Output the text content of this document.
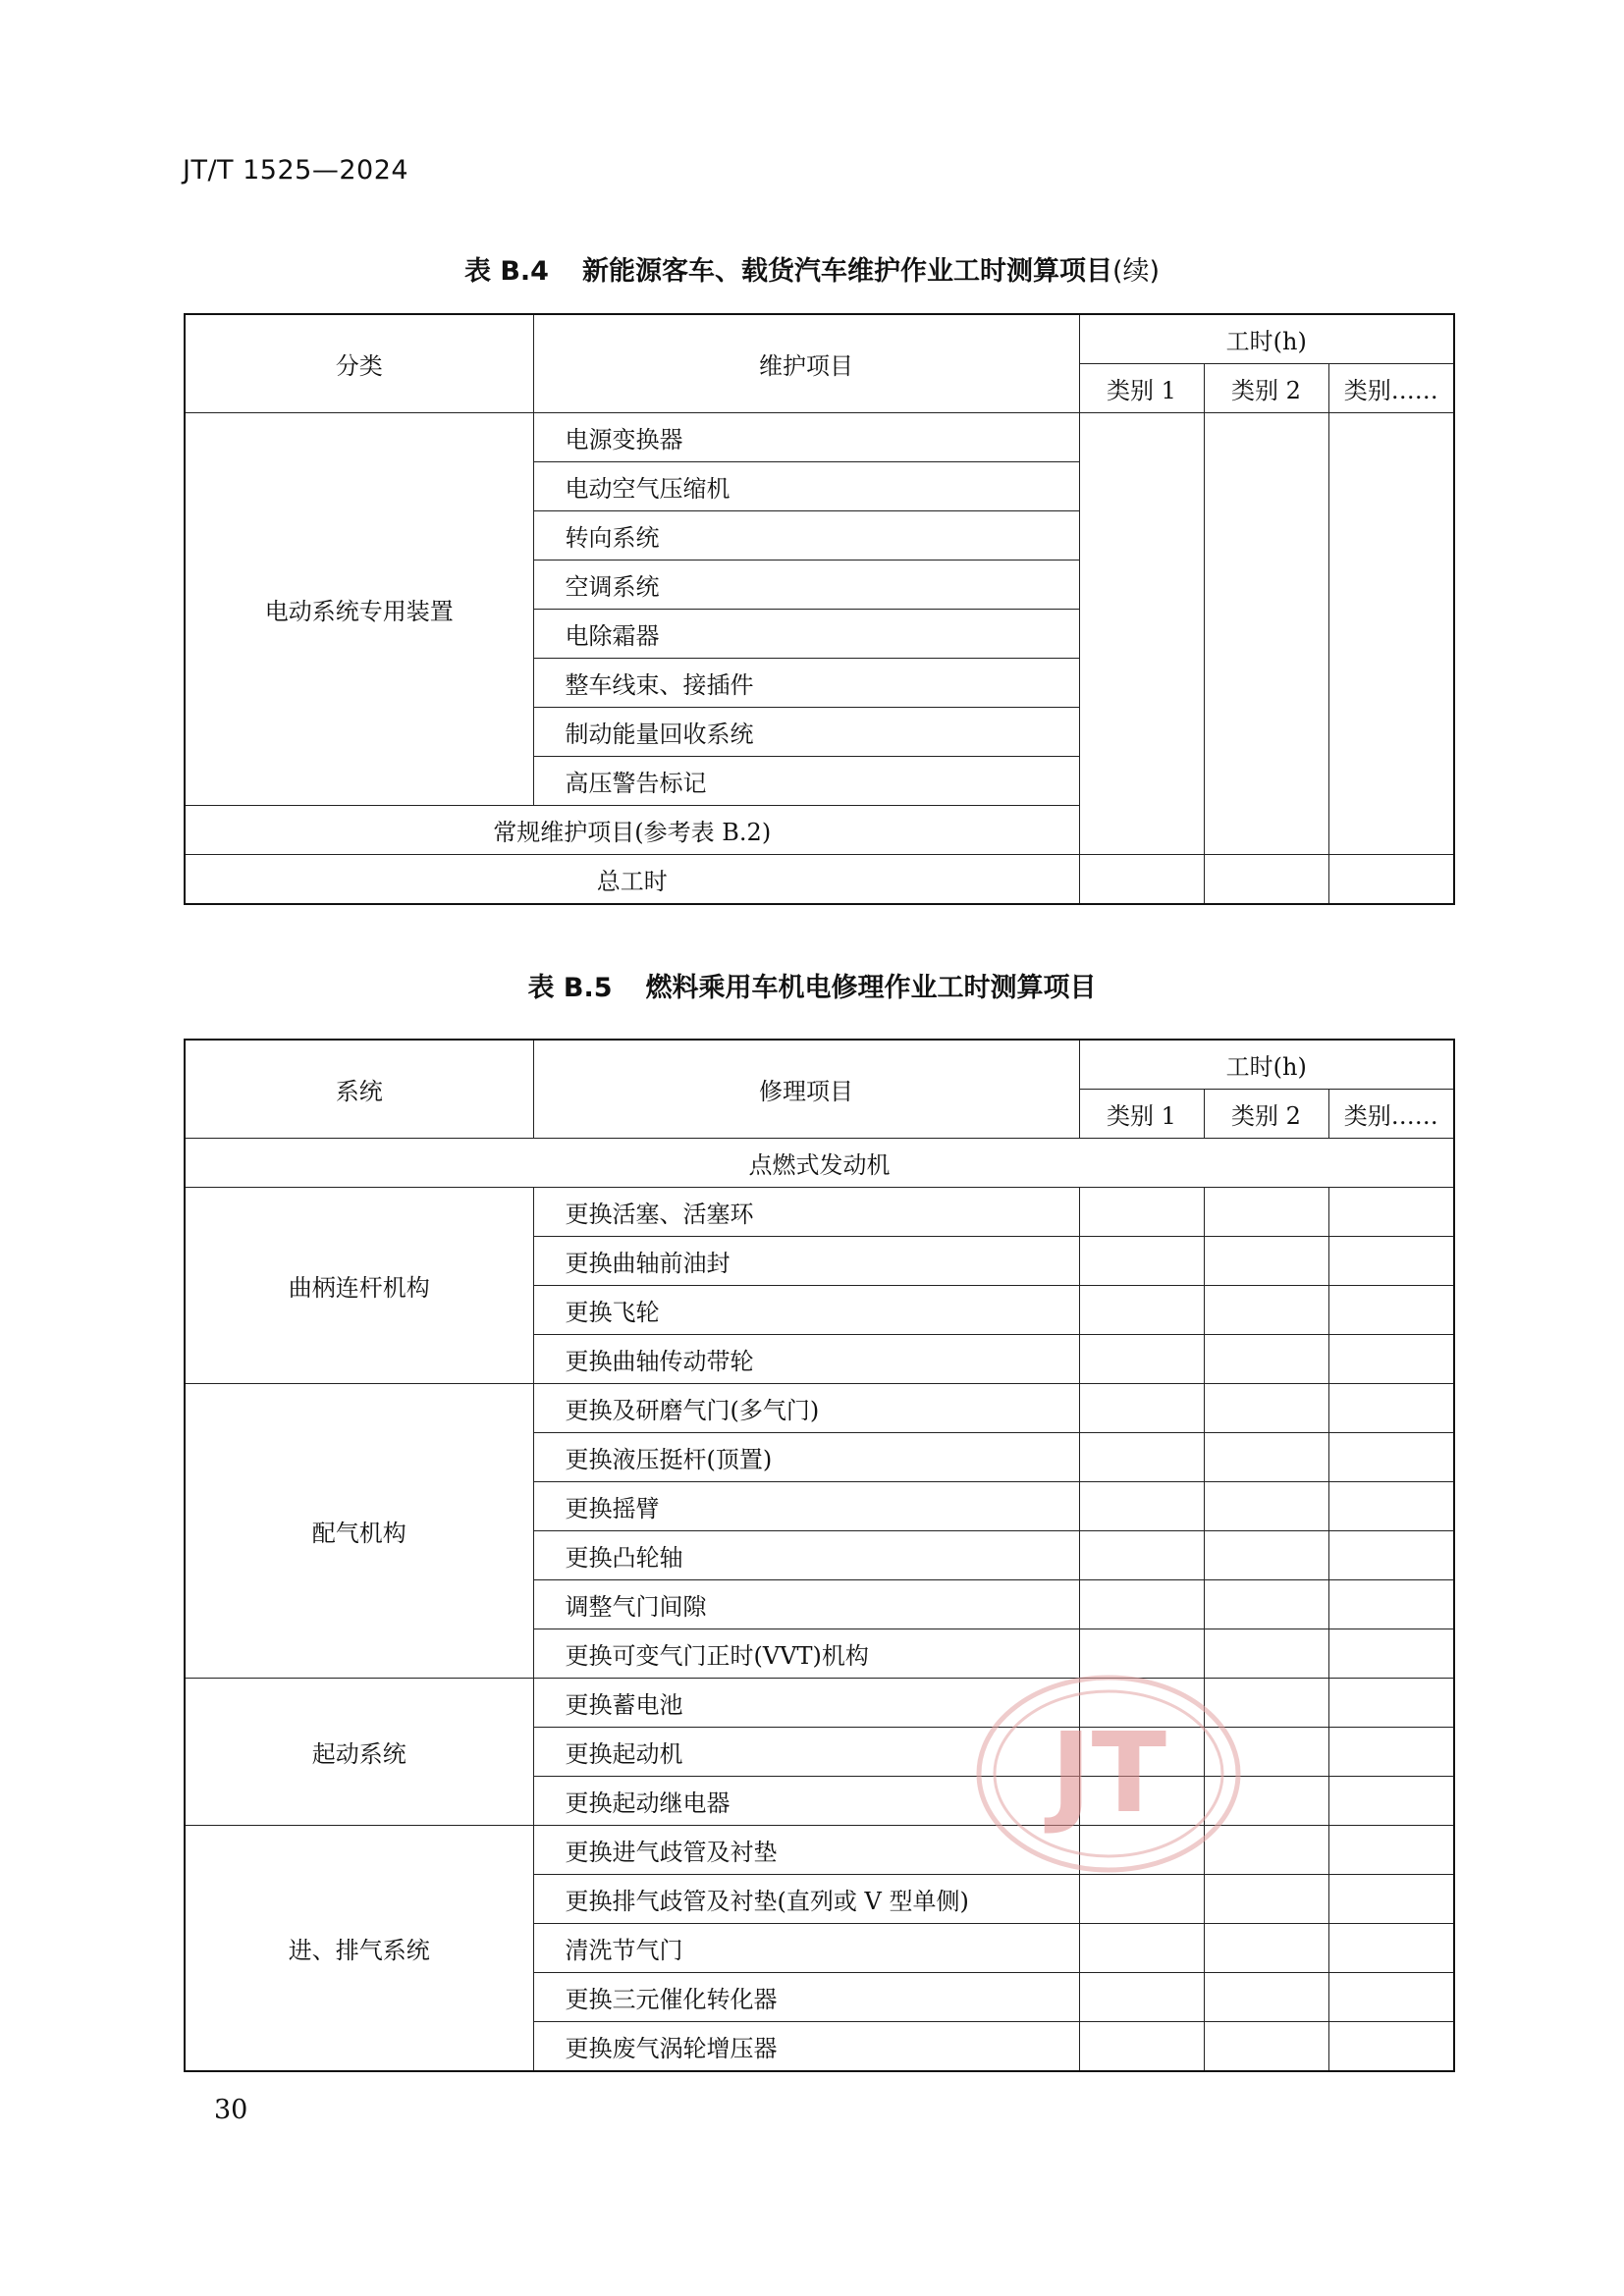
JT/T 1525—2024
表 B.4 新能源客车、载货汽车维护作业工时测算项目(续)
分类	维护项目	工时(h)		
		类别 1	类别 2	类别……
电动系统专用装置	电源变换器			
	电动空气压缩机			
	转向系统			
	空调系统			
	电除霜器			
	整车线束、接插件			
	制动能量回收系统			
	高压警告标记			
常规维护项目(参考表 B.2)				
总工时				
表 B.5 燃料乘用车机电修理作业工时测算项目
系统	修理项目	工时(h)		
		类别 1	类别 2	类别……
点燃式发动机				
曲柄连杆机构	更换活塞、活塞环			
	更换曲轴前油封			
	更换飞轮			
	更换曲轴传动带轮			
配气机构	更换及研磨气门(多气门)			
	更换液压挺杆(顶置)			
	更换摇臂			
	更换凸轮轴			
	调整气门间隙			
	更换可变气门正时(VVT)机构			
起动系统	更换蓄电池			
	更换起动机			
	更换起动继电器			
进、排气系统	更换进气歧管及衬垫			
	更换排气歧管及衬垫(直列或 V 型单侧)			
	清洗节气门			
	更换三元催化转化器			
	更换废气涡轮增压器			
30
JT
